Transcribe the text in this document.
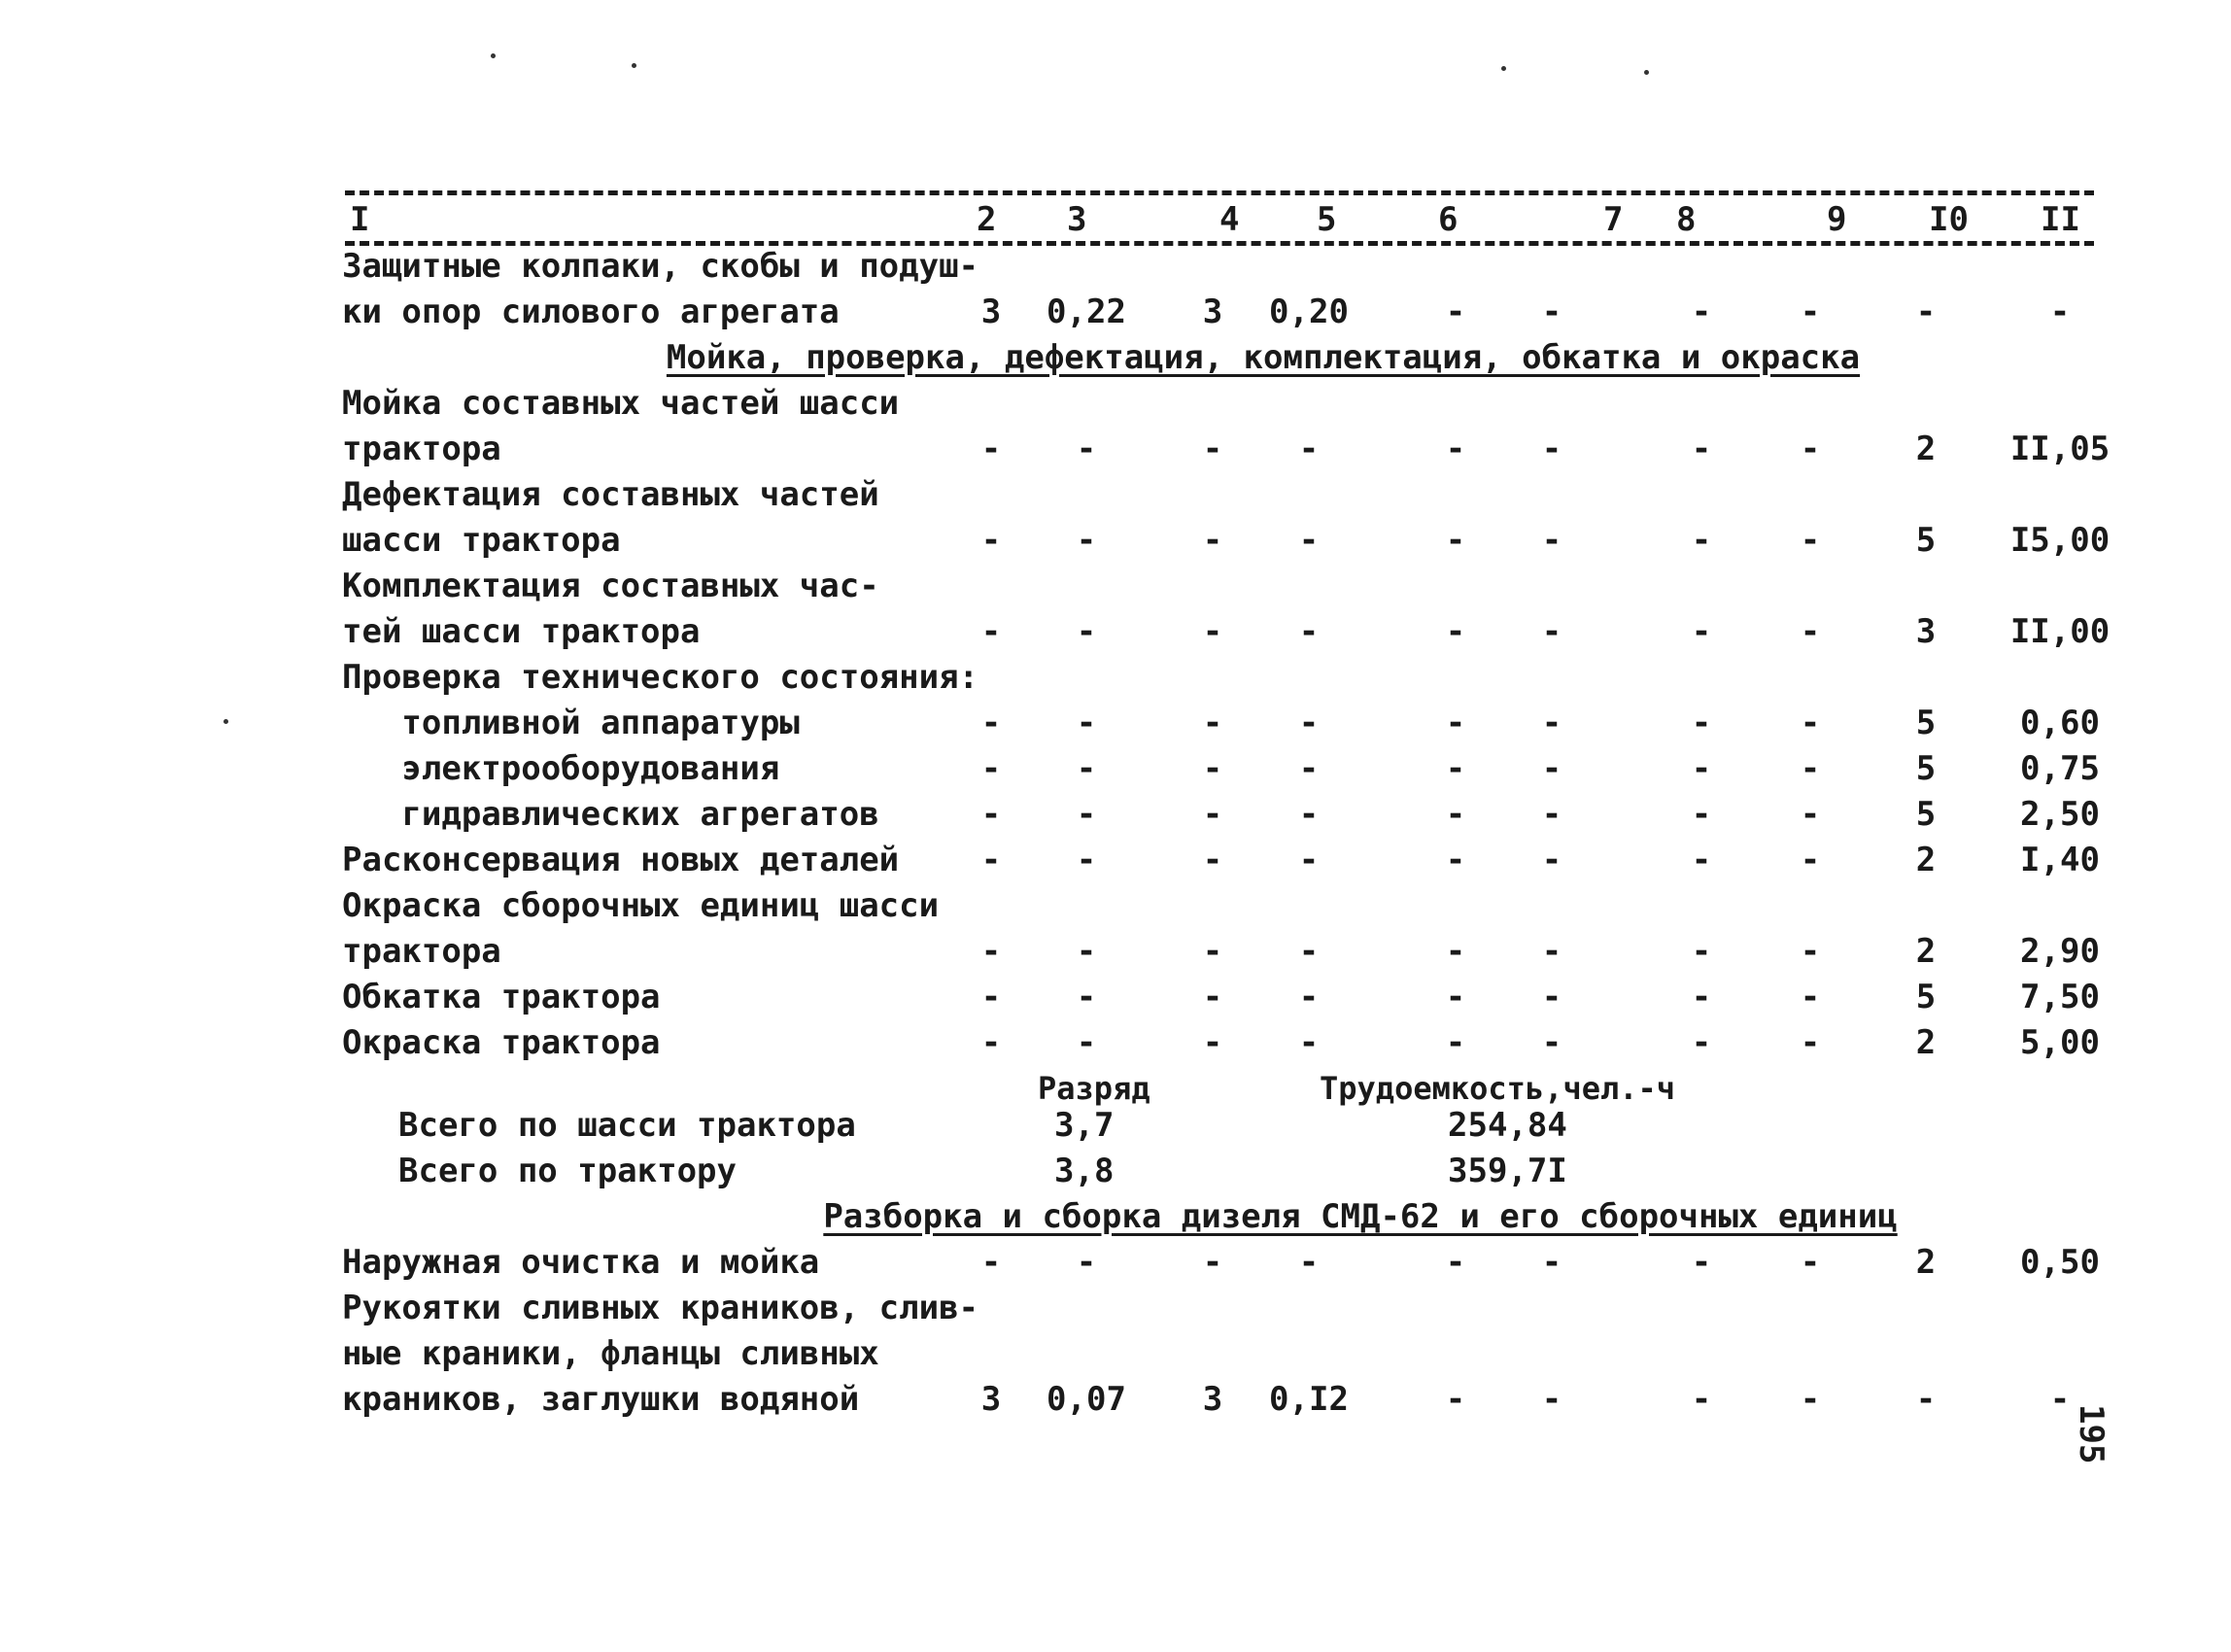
I	2 3	4 5	6	7 8	9 I0 II
Защитные колпаки, скобы и подуш-
ки опор силового агрегата	3	0,22	3	0,20	-	-	-	-	-	-
Мойка, проверка, дефектация, комплектация, обкатка и окраска
Мойка составных частей шасси
трактора	-	-	-	-	-	-	-	-	2	II,05
Дефектация составных частей
шасси трактора	-	-	-	-	-	-	-	-	5	I5,00
Комплектация составных час-
тей шасси трактора	-	-	-	-	-	-	-	-	3	II,00
Проверка технического состояния:
топливной аппаратуры	-	-	-	-	-	-	-	-	5	0,60
электрооборудования	-	-	-	-	-	-	-	-	5	0,75
гидравлических агрегатов	-	-	-	-	-	-	-	-	5	2,50
Расконсервация новых деталей	-	-	-	-	-	-	-	-	2	I,40
Окраска сборочных единиц шасси
трактора	-	-	-	-	-	-	-	-	2	2,90
Обкатка трактора	-	-	-	-	-	-	-	-	5	7,50
Окраска трактора	-	-	-	-	-	-	-	-	2	5,00
Разряд	Трудоемкость,чел.-ч
Всего по шасси трактора	3,7	254,84
Всего по трактору	3,8	359,7I
Разборка и сборка дизеля СМД-62 и его сборочных единиц
Наружная очистка и мойка	-	-	-	-	-	-	-	-	2	0,50
Рукоятки сливных краников, слив-
ные краники, фланцы сливных
краников, заглушки водяной	3	0,07	3	0,I2	-	-	-	-	-	-
195
